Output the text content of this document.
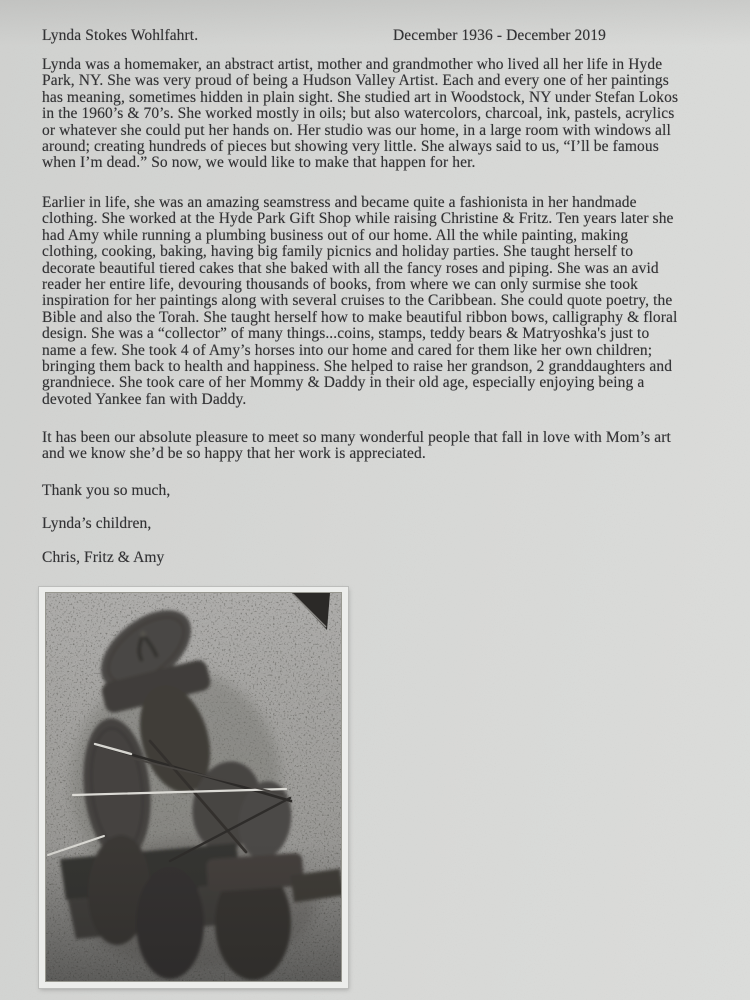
Lynda Stokes Wohlfahrt.	December 1936 - December 2019
Lynda was a homemaker, an abstract artist, mother and grandmother who lived all her life in Hyde
Park, NY. She was very proud of being a Hudson Valley Artist. Each and every one of her paintings
has meaning, sometimes hidden in plain sight. She studied art in Woodstock, NY under Stefan Lokos
in the 1960’s & 70’s. She worked mostly in oils; but also watercolors, charcoal, ink, pastels, acrylics
or whatever she could put her hands on. Her studio was our home, in a large room with windows all
around; creating hundreds of pieces but showing very little. She always said to us, “I’ll be famous
when I’m dead.” So now, we would like to make that happen for her.
Earlier in life, she was an amazing seamstress and became quite a fashionista in her handmade
clothing. She worked at the Hyde Park Gift Shop while raising Christine & Fritz. Ten years later she
had Amy while running a plumbing business out of our home. All the while painting, making
clothing, cooking, baking, having big family picnics and holiday parties. She taught herself to
decorate beautiful tiered cakes that she baked with all the fancy roses and piping. She was an avid
reader her entire life, devouring thousands of books, from where we can only surmise she took
inspiration for her paintings along with several cruises to the Caribbean. She could quote poetry, the
Bible and also the Torah. She taught herself how to make beautiful ribbon bows, calligraphy & floral
design. She was a “collector” of many things...coins, stamps, teddy bears & Matryoshka's just to
name a few. She took 4 of Amy’s horses into our home and cared for them like her own children;
bringing them back to health and happiness. She helped to raise her grandson, 2 granddaughters and
grandniece. She took care of her Mommy & Daddy in their old age, especially enjoying being a
devoted Yankee fan with Daddy.
It has been our absolute pleasure to meet so many wonderful people that fall in love with Mom’s art
and we know she’d be so happy that her work is appreciated.
Thank you so much,
Lynda’s children,
Chris, Fritz & Amy
